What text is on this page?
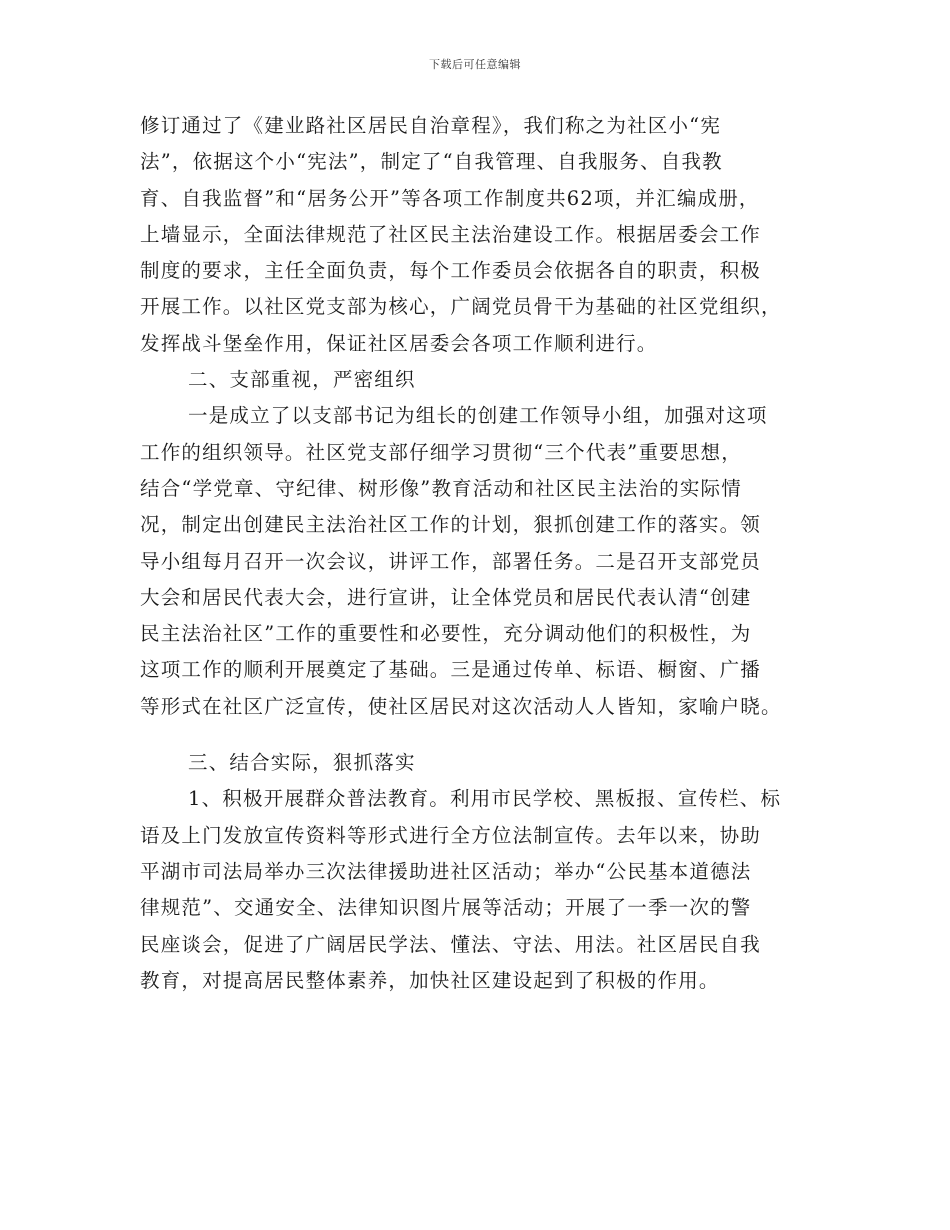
下载后可任意编辑
修订通过了《建业路社区居民自治章程》，我们称之为社区小“宪
法”，依据这个小“宪法”，制定了“自我管理、自我服务、自我教
育、自我监督”和“居务公开”等各项工作制度共62项，并汇编成册，
上墙显示，全面法律规范了社区民主法治建设工作。根据居委会工作
制度的要求，主任全面负责，每个工作委员会依据各自的职责，积极
开展工作。以社区党支部为核心，广阔党员骨干为基础的社区党组织，
发挥战斗堡垒作用，保证社区居委会各项工作顺利进行。
二、支部重视，严密组织
一是成立了以支部书记为组长的创建工作领导小组，加强对这项
工作的组织领导。社区党支部仔细学习贯彻“三个代表”重要思想，
结合“学党章、守纪律、树形像”教育活动和社区民主法治的实际情
况，制定出创建民主法治社区工作的计划，狠抓创建工作的落实。领
导小组每月召开一次会议，讲评工作，部署任务。二是召开支部党员
大会和居民代表大会，进行宣讲，让全体党员和居民代表认清“创建
民主法治社区”工作的重要性和必要性，充分调动他们的积极性，为
这项工作的顺利开展奠定了基础。三是通过传单、标语、橱窗、广播
等形式在社区广泛宣传，使社区居民对这次活动人人皆知，家喻户晓。
三、结合实际，狠抓落实
1、积极开展群众普法教育。利用市民学校、黑板报、宣传栏、标
语及上门发放宣传资料等形式进行全方位法制宣传。去年以来，协助
平湖市司法局举办三次法律援助进社区活动；举办“公民基本道德法
律规范”、交通安全、法律知识图片展等活动；开展了一季一次的警
民座谈会，促进了广阔居民学法、懂法、守法、用法。社区居民自我
教育，对提高居民整体素养，加快社区建设起到了积极的作用。
